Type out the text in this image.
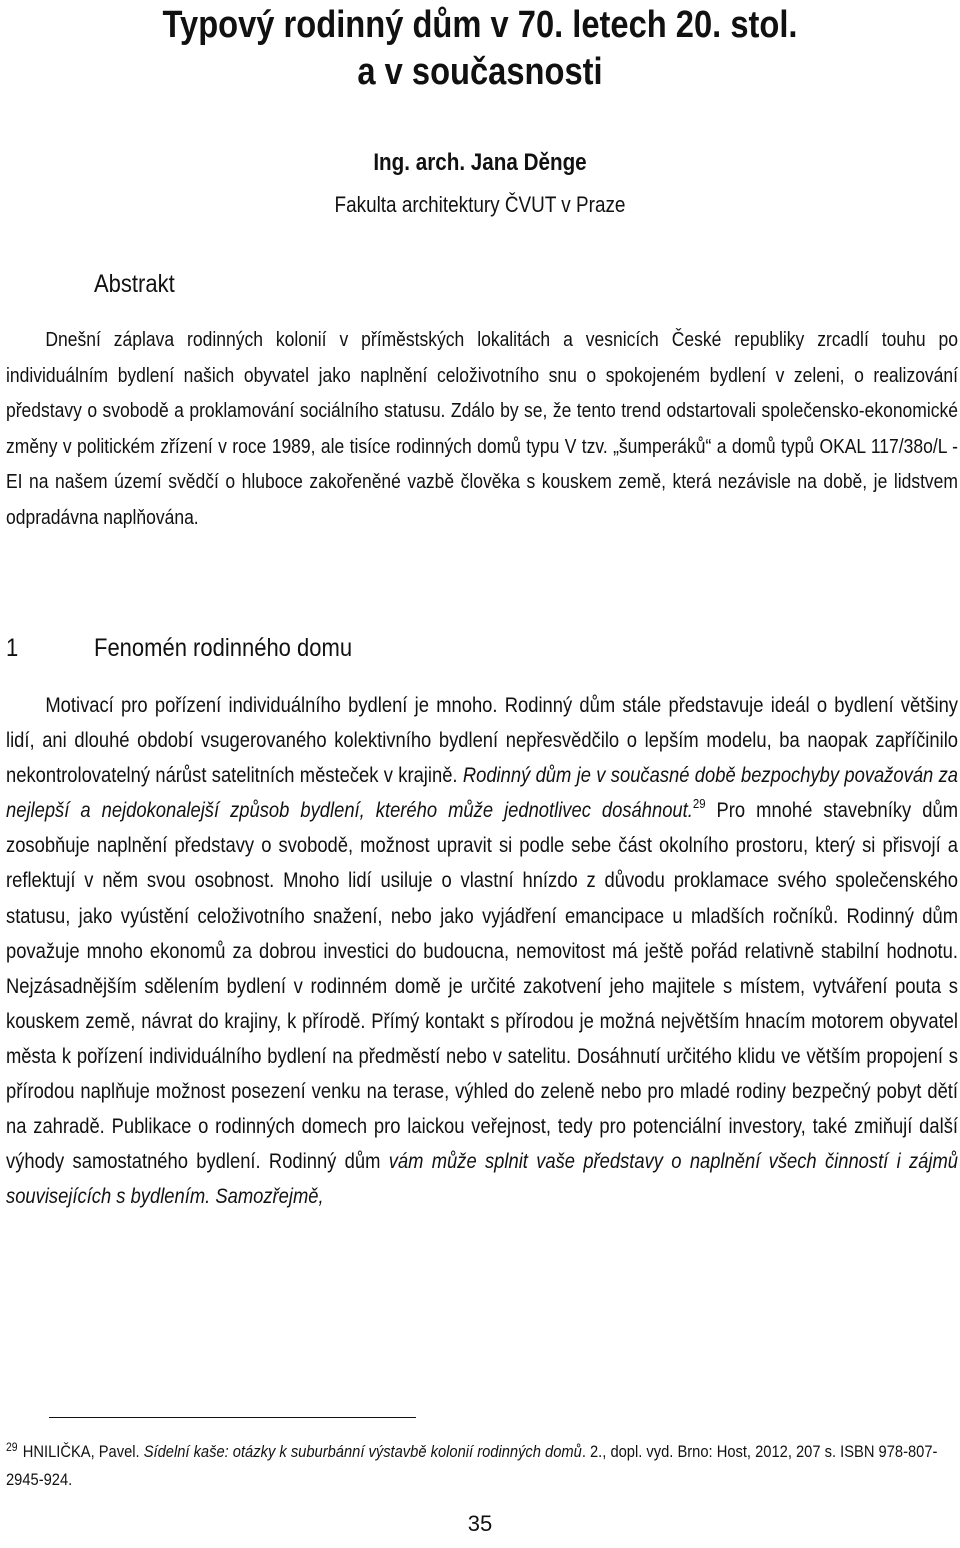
Typový rodinný dům v 70. letech 20. stol.
a v současnosti
Ing. arch. Jana Děnge
Fakulta architektury ČVUT v Praze
Abstrakt

Dnešní záplava rodinných kolonií v příměstských lokalitách a vesnicích České republiky zrcadlí touhu po individuálním bydlení našich obyvatel jako naplnění celoživotního snu o spokojeném bydlení v zeleni, o realizování představy o svobodě a proklamování sociálního statusu. Zdálo by se, že tento trend odstartovali společensko-ekonomické změny v politickém zřízení v roce 1989, ale tisíce rodinných domů typu V tzv. „šumperáků“ a domů typů OKAL 117/38o/L - EI na našem území svědčí o hluboce zakořeněné vazbě člověka s kouskem země, která nezávisle na době, je lidstvem odpradávna naplňována.

1	Fenomén rodinného domu

Motivací pro pořízení individuálního bydlení je mnoho. Rodinný dům stále představuje ideál o bydlení většiny lidí, ani dlouhé období vsugerovaného kolektivního bydlení nepřesvědčilo o lepším modelu, ba naopak zapříčinilo nekontrolovatelný nárůst satelitních městeček v krajině. Rodinný dům je v současné době bezpochyby považován za nejlepší a nejdokonalejší způsob bydlení, kterého může jednotlivec dosáhnout.$^{29}$ Pro mnohé stavebníky dům zosobňuje naplnění představy o svobodě, možnost upravit si podle sebe část okolního prostoru, který si přisvojí a reflektují v něm svou osobnost. Mnoho lidí usiluje o vlastní hnízdo z důvodu proklamace svého společenského statusu, jako vyústění celoživotního snažení, nebo jako vyjádření emancipace u mladších ročníků. Rodinný dům považuje mnoho ekonomů za dobrou investici do budoucna, nemovitost má ještě pořád relativně stabilní hodnotu. Nejzásadnějším sdělením bydlení v rodinném domě je určité zakotvení jeho majitele s místem, vytváření pouta s kouskem země, návrat do krajiny, k přírodě. Přímý kontakt s přírodou je možná největším hnacím motorem obyvatel města k pořízení individuálního bydlení na předměstí nebo v satelitu. Dosáhnutí určitého klidu ve větším propojení s přírodou naplňuje možnost posezení venku na terase, výhled do zeleně nebo pro mladé rodiny bezpečný pobyt dětí na zahradě. Publikace o rodinných domech pro laickou veřejnost, tedy pro potenciální investory, také zmiňují další výhody samostatného bydlení. Rodinný dům vám může splnit vaše představy o naplnění všech činností i zájmů souvisejících s bydlením. Samozřejmě,

$^{29}$ HNILIČKA, Pavel. Sídelní kaše: otázky k suburbánní výstavbě kolonií rodinných domů. 2., dopl. vyd. Brno: Host, 2012, 207 s. ISBN 978-807-2945-924.

35
